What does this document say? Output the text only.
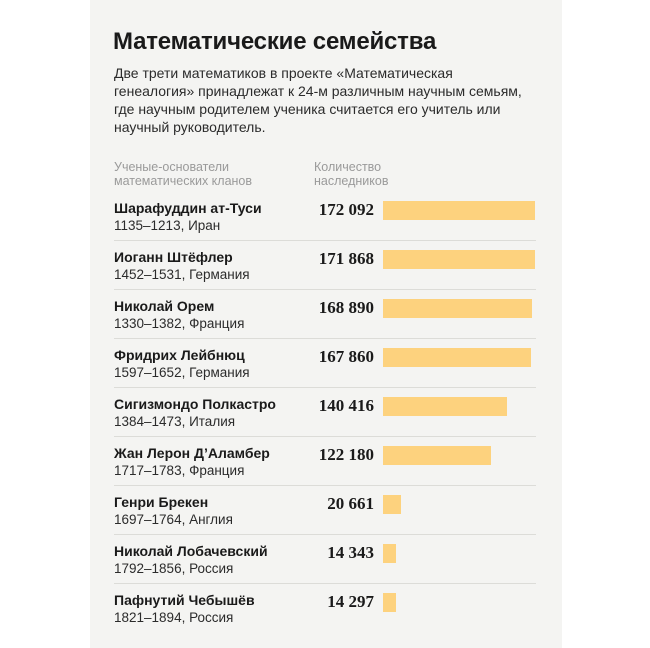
Математические семейства
Две трети математиков в проекте «Математическая генеалогия» принадлежат к 24-м различным научным семьям, где научным родителем ученика считается его учитель или научный руководитель.
Ученые-основатели математических кланов
Количество наследников
Шарафуддин ат-Туси
1135–1213, Иран
172 092
Иоганн Штёфлер
1452–1531, Германия
171 868
Николай Орем
1330–1382, Франция
168 890
Фридрих Лейбнюц
1597–1652, Германия
167 860
Сигизмондо Полкастро
1384–1473, Италия
140 416
Жан Лерон Д’Аламбер
1717–1783, Франция
122 180
Генри Брекен
1697–1764, Англия
20 661
Николай Лобачевский
1792–1856, Россия
14 343
Пафнутий Чебышёв
1821–1894, Россия
14 297
